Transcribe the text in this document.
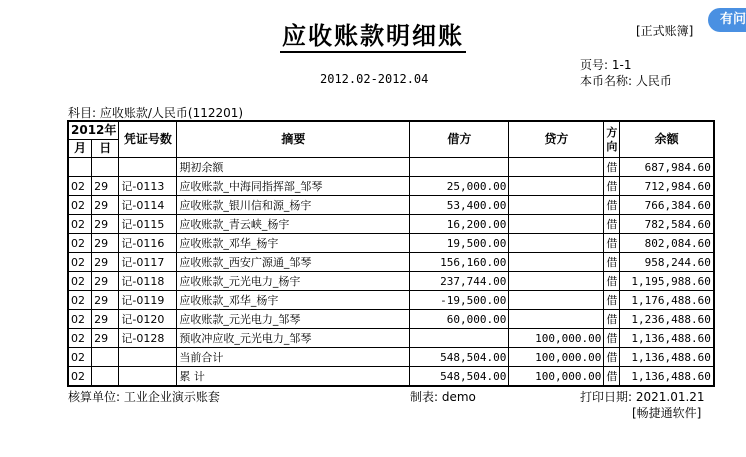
应收账款明细账	[正式账簿]
有问
页号: 1-1
2012.02-2012.04	本币名称: 人民币
科目: 应收账款/人民币(112201)
2012年		凭证号数	摘要	借方	贷方	方向	余额
月	日						
			期初余额			借	687,984.60
02	29	记-0113	应收账款_中海同指挥部_邹琴	25,000.00		借	712,984.60
02	29	记-0114	应收账款_银川信和源_杨宇	53,400.00		借	766,384.60
02	29	记-0115	应收账款_青云峡_杨宇	16,200.00		借	782,584.60
02	29	记-0116	应收账款_邓华_杨宇	19,500.00		借	802,084.60
02	29	记-0117	应收账款_西安广源通_邹琴	156,160.00		借	958,244.60
02	29	记-0118	应收账款_元光电力_杨宇	237,744.00		借	1,195,988.60
02	29	记-0119	应收账款_邓华_杨宇	-19,500.00		借	1,176,488.60
02	29	记-0120	应收账款_元光电力_邹琴	60,000.00		借	1,236,488.60
02	29	记-0128	预收冲应收_元光电力_邹琴		100,000.00	借	1,136,488.60
02			当前合计	548,504.00	100,000.00	借	1,136,488.60
02			累 计	548,504.00	100,000.00	借	1,136,488.60
核算单位: 工业企业演示账套	制表: demo	打印日期: 2021.01.21
[畅捷通软件]
